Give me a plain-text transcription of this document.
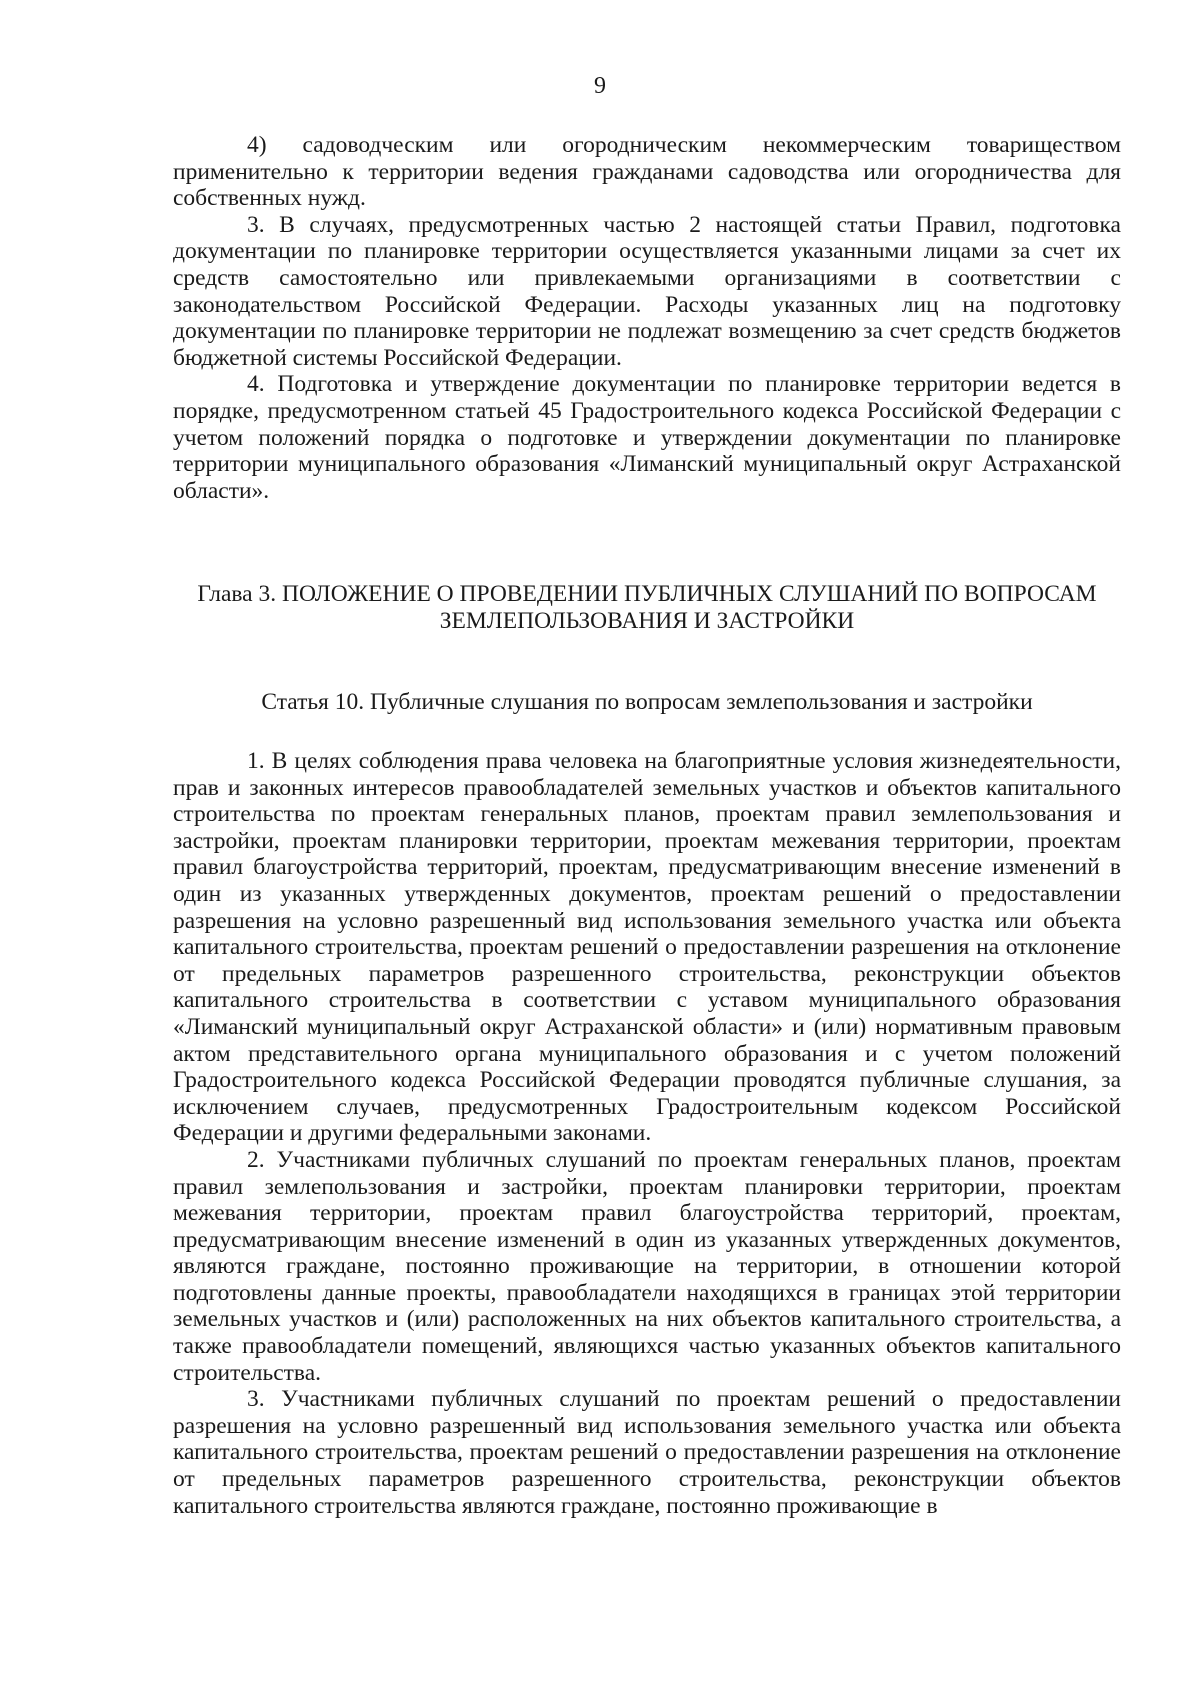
9

4) садоводческим или огородническим некоммерческим товариществом применительно к территории ведения гражданами садоводства или огородничества для собственных нужд.

3. В случаях, предусмотренных частью 2 настоящей статьи Правил, подготовка документации по планировке территории осуществляется указанными лицами за счет их средств самостоятельно или привлекаемыми организациями в соответствии с законодательством Российской Федерации. Расходы указанных лиц на подготовку документации по планировке территории не подлежат возмещению за счет средств бюджетов бюджетной системы Российской Федерации.

4. Подготовка и утверждение документации по планировке территории ведется в порядке, предусмотренном статьей 45 Градостроительного кодекса Российской Федерации с учетом положений порядка о подготовке и утверждении документации по планировке территории муниципального образования «Лиманский муниципальный округ Астраханской области».

Глава 3. ПОЛОЖЕНИЕ О ПРОВЕДЕНИИ ПУБЛИЧНЫХ СЛУШАНИЙ ПО ВОПРОСАМ
ЗЕМЛЕПОЛЬЗОВАНИЯ И ЗАСТРОЙКИ
Статья 10. Публичные слушания по вопросам землепользования и застройки

1. В целях соблюдения права человека на благоприятные условия жизнедеятельности, прав и законных интересов правообладателей земельных участков и объектов капитального строительства по проектам генеральных планов, проектам правил землепользования и застройки, проектам планировки территории, проектам межевания территории, проектам правил благоустройства территорий, проектам, предусматривающим внесение изменений в один из указанных утвержденных документов, проектам решений о предоставлении разрешения на условно разрешенный вид использования земельного участка или объекта капитального строительства, проектам решений о предоставлении разрешения на отклонение от предельных параметров разрешенного строительства, реконструкции объектов капитального строительства в соответствии с уставом муниципального образования «Лиманский муниципальный округ Астраханской области» и (или) нормативным правовым актом представительного органа муниципального образования и с учетом положений Градостроительного кодекса Российской Федерации проводятся публичные слушания, за исключением случаев, предусмотренных Градостроительным кодексом Российской Федерации и другими федеральными законами.

2. Участниками публичных слушаний по проектам генеральных планов, проектам правил землепользования и застройки, проектам планировки территории, проектам межевания территории, проектам правил благоустройства территорий, проектам, предусматривающим внесение изменений в один из указанных утвержденных документов, являются граждане, постоянно проживающие на территории, в отношении которой подготовлены данные проекты, правообладатели находящихся в границах этой территории земельных участков и (или) расположенных на них объектов капитального строительства, а также правообладатели помещений, являющихся частью указанных объектов капитального строительства.

3. Участниками публичных слушаний по проектам решений о предоставлении разрешения на условно разрешенный вид использования земельного участка или объекта капитального строительства, проектам решений о предоставлении разрешения на отклонение от предельных параметров разрешенного строительства, реконструкции объектов капитального строительства являются граждане, постоянно проживающие в
